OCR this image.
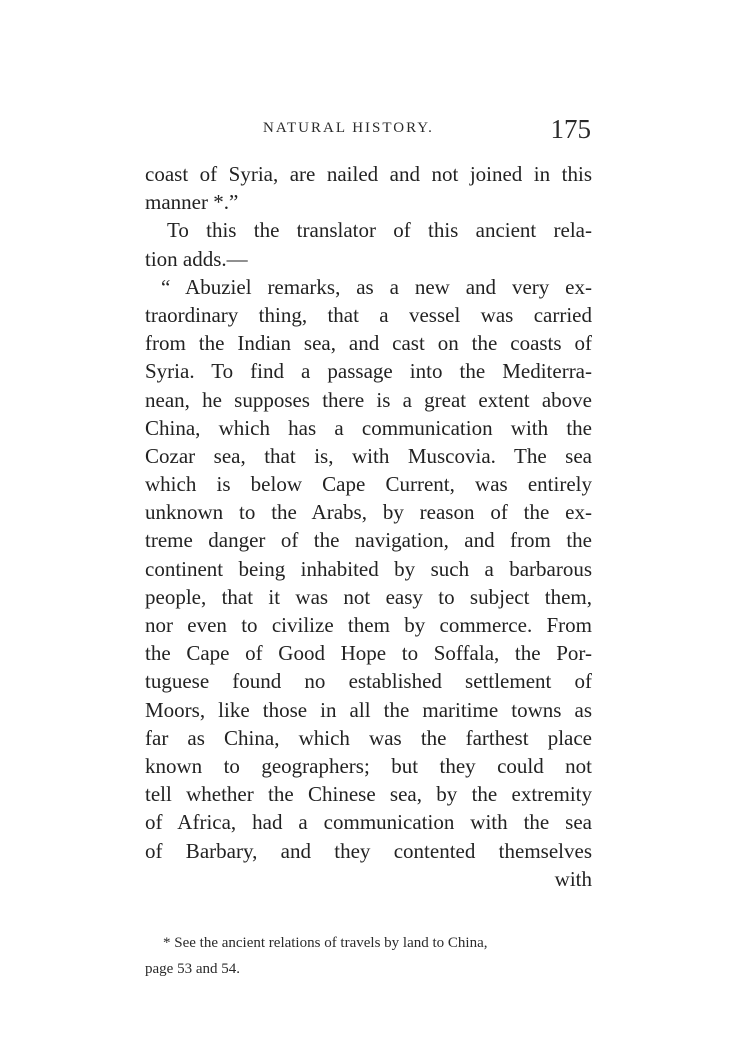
NATURAL HISTORY.	175
coast of Syria, are nailed and not joined in this
manner *.”
To this the translator of this ancient rela-
tion adds.—
“ Abuziel remarks, as a new and very ex-
traordinary thing, that a vessel was carried
from the Indian sea, and cast on the coasts of
Syria. To find a passage into the Mediterra-
nean, he supposes there is a great extent above
China, which has a communication with the
Cozar sea, that is, with Muscovia. The sea
which is below Cape Current, was entirely
unknown to the Arabs, by reason of the ex-
treme danger of the navigation, and from the
continent being inhabited by such a barbarous
people, that it was not easy to subject them,
nor even to civilize them by commerce. From
the Cape of Good Hope to Soffala, the Por-
tuguese found no established settlement of
Moors, like those in all the maritime towns as
far as China, which was the farthest place
known to geographers; but they could not
tell whether the Chinese sea, by the extremity
of Africa, had a communication with the sea
of Barbary, and they contented themselves
with
* See the ancient relations of travels by land to China,
page 53 and 54.
